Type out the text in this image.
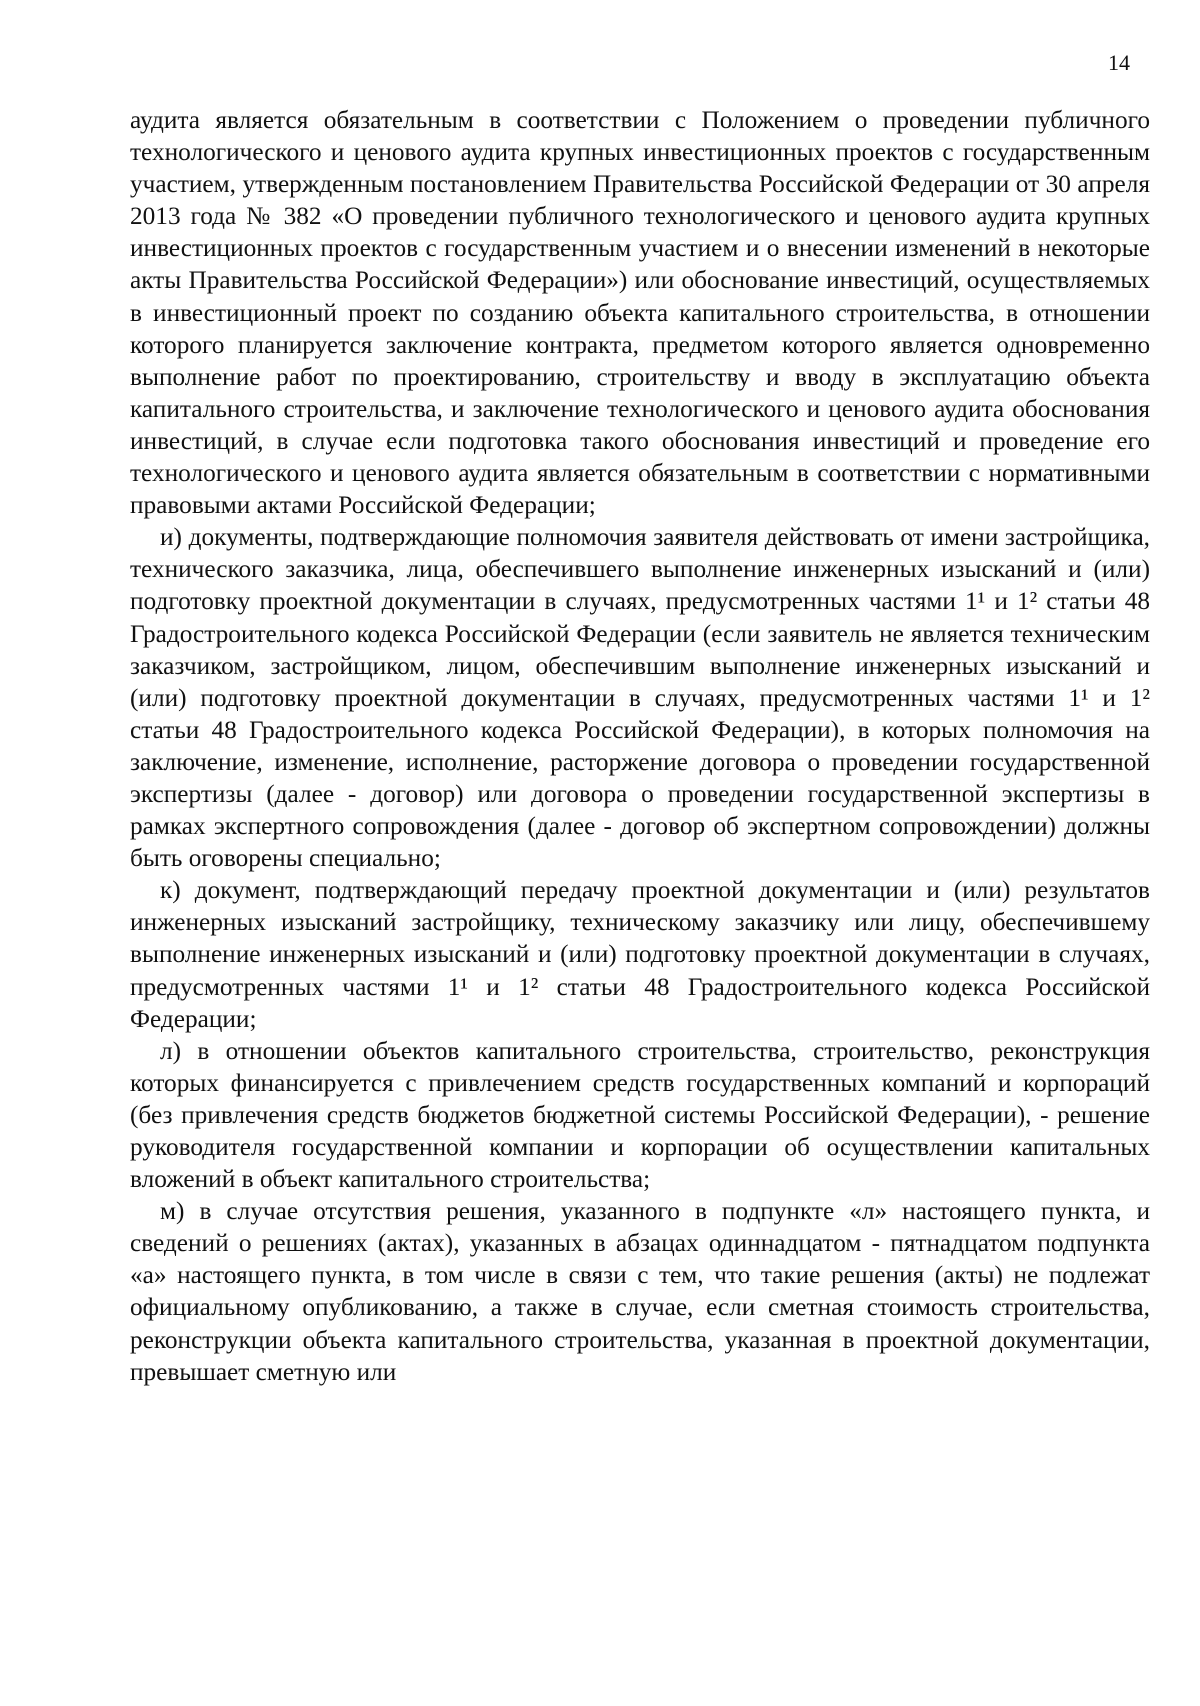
14

аудита является обязательным в соответствии с Положением о проведении публичного технологического и ценового аудита крупных инвестиционных проектов с государственным участием, утвержденным постановлением Правительства Российской Федерации от 30 апреля 2013 года № 382 «О проведении публичного технологического и ценового аудита крупных инвестиционных проектов с государственным участием и о внесении изменений в некоторые акты Правительства Российской Федерации») или обоснование инвестиций, осуществляемых в инвестиционный проект по созданию объекта капитального строительства, в отношении которого планируется заключение контракта, предметом которого является одновременно выполнение работ по проектированию, строительству и вводу в эксплуатацию объекта капитального строительства, и заключение технологического и ценового аудита обоснования инвестиций, в случае если подготовка такого обоснования инвестиций и проведение его технологического и ценового аудита является обязательным в соответствии с нормативными правовыми актами Российской Федерации;

и) документы, подтверждающие полномочия заявителя действовать от имени застройщика, технического заказчика, лица, обеспечившего выполнение инженерных изысканий и (или) подготовку проектной документации в случаях, предусмотренных частями 1¹ и 1² статьи 48 Градостроительного кодекса Российской Федерации (если заявитель не является техническим заказчиком, застройщиком, лицом, обеспечившим выполнение инженерных изысканий и (или) подготовку проектной документации в случаях, предусмотренных частями 1¹ и 1² статьи 48 Градостроительного кодекса Российской Федерации), в которых полномочия на заключение, изменение, исполнение, расторжение договора о проведении государственной экспертизы (далее - договор) или договора о проведении государственной экспертизы в рамках экспертного сопровождения (далее - договор об экспертном сопровождении) должны быть оговорены специально;

к) документ, подтверждающий передачу проектной документации и (или) результатов инженерных изысканий застройщику, техническому заказчику или лицу, обеспечившему выполнение инженерных изысканий и (или) подготовку проектной документации в случаях, предусмотренных частями 1¹ и 1² статьи 48 Градостроительного кодекса Российской Федерации;

л) в отношении объектов капитального строительства, строительство, реконструкция которых финансируется с привлечением средств государственных компаний и корпораций (без привлечения средств бюджетов бюджетной системы Российской Федерации), - решение руководителя государственной компании и корпорации об осуществлении капитальных вложений в объект капитального строительства;

м) в случае отсутствия решения, указанного в подпункте «л» настоящего пункта, и сведений о решениях (актах), указанных в абзацах одиннадцатом - пятнадцатом подпункта «а» настоящего пункта, в том числе в связи с тем, что такие решения (акты) не подлежат официальному опубликованию, а также в случае, если сметная стоимость строительства, реконструкции объекта капитального строительства, указанная в проектной документации, превышает сметную или
